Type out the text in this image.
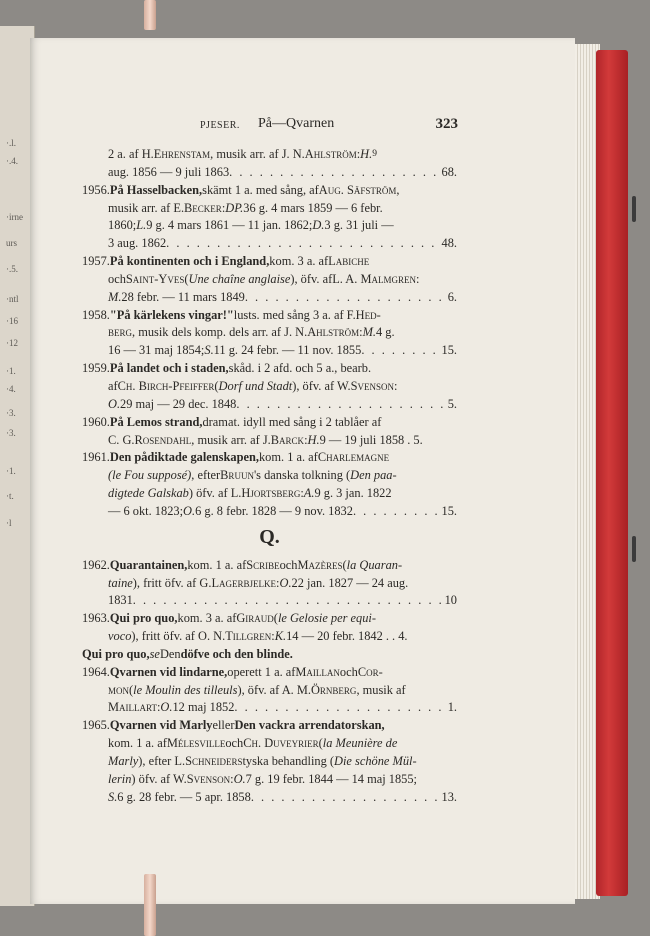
·.l.
·.4.
·irne
urs
·.5.
·ntl
·16
·12
·1.
·4.
·3.
·3.
·1.
·t.
·l
PJESER. På—Qvarnen	323
2 a. af H. Ehrenstam , musik arr. af J. N. Ahlström : H. 9
aug. 1856 — 9 juli 1863 . . .	68.
1956. På Hasselbacken, skämt 1 a. med sång, af Aug. Säfström ,
musik arr. af E. Becker : DP. 36 g. 4 mars 1859 — 6 febr.
1860; L. 9 g. 4 mars 1861 — 11 jan. 1862; D. 3 g. 31 juli —
3 aug. 1862 . . .	48.
1957. På kontinenten och i England, kom. 3 a. af Labiche
och Saint-Yves ( Une chaîne anglaise ), öfv. af L. A. Malmgren :
M. 28 febr. — 11 mars 1849 . . .	6.
1958. "På kärlekens vingar!" lusts. med sång 3 a. af F. Hed-
berg , musik dels komp. dels arr. af J. N. Ahlström : M. 4 g.
16 — 31 maj 1854; S. 11 g. 24 febr. — 11 nov. 1855 . . .	15.
1959. På landet och i staden, skåd. i 2 afd. och 5 a., bearb.
af Ch. Birch-Pfeiffer ( Dorf und Stadt ), öfv. af W. Svenson :
O. 29 maj — 29 dec. 1848 . . .	5.
1960. På Lemos strand, dramat. idyll med sång i 2 tablåer af
C. G. Rosendahl , musik arr. af J. Barck : H. 9 — 19 juli 1858 . 5.
1961. Den pådiktade galenskapen, kom. 1 a. af Charlemagne
(le Fou supposé) , efter Bruun 's danska tolkning ( Den paa-
digtede Galskab ) öfv. af L. Hjortsberg : A. 9 g. 3 jan. 1822
— 6 okt. 1823; O. 6 g. 8 febr. 1828 — 9 nov. 1832 . . .	15.
Q.
1962. Quarantainen, kom. 1 a. af Scribe och Mazères ( la Quaran-
taine ), fritt öfv. af G. Lagerbjelke : O. 22 jan. 1827 — 24 aug.
1831 . . .	10
1963. Qui pro quo, kom. 3 a. af Giraud ( le Gelosie per equi-
voco ), fritt öfv. af O. N. Tillgren : K. 14 — 20 febr. 1842 . . 4.
Qui pro quo, se Den döfve och den blinde.
1964. Qvarnen vid lindarne, operett 1 a. af Maillan och Cor-
mon ( le Moulin des tilleuls ), öfv. af A. M. Örnberg , musik af
Maillart : O. 12 maj 1852 . . .	1.
1965. Qvarnen vid Marly eller Den vackra arrendatorskan,
kom. 1 a. af Mélesville och Ch. Duveyrier ( la Meunière de
Marly ), efter L. Schneiders tyska behandling ( Die schöne Mül-
lerin ) öfv. af W. Svenson : O. 7 g. 19 febr. 1844 — 14 maj 1855;
S. 6 g. 28 febr. — 5 apr. 1858 . . .	13.
